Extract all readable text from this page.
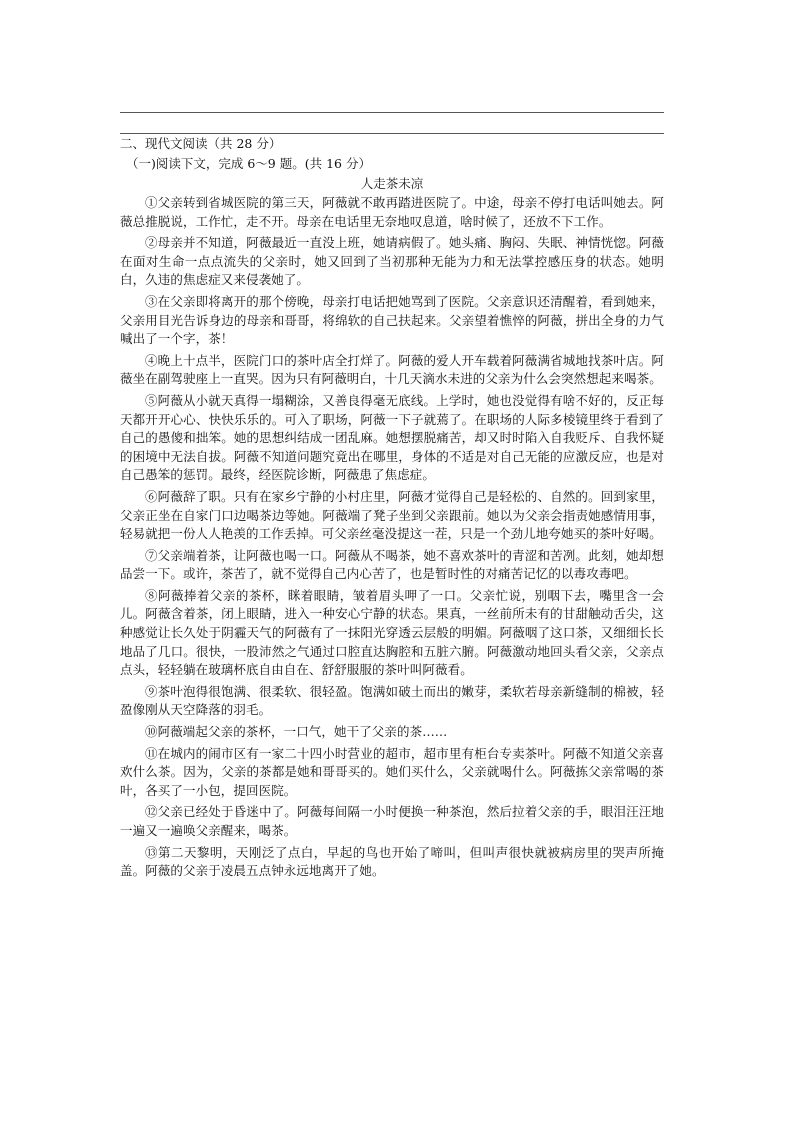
二、现代文阅读（共 28 分）
（一)阅读下文，完成 6～9 题。(共 16 分）
人走茶未凉

①父亲转到省城医院的第三天，阿薇就不敢再踏进医院了。中途，母亲不停打电话叫她去。阿薇总推脱说，工作忙，走不开。母亲在电话里无奈地叹息道，啥时候了，还放不下工作。

②母亲并不知道，阿薇最近一直没上班，她请病假了。她头痛、胸闷、失眠、神情恍惚。阿薇在面对生命一点点流失的父亲时，她又回到了当初那种无能为力和无法掌控感压身的状态。她明白，久违的焦虑症又来侵袭她了。

③在父亲即将离开的那个傍晚，母亲打电话把她骂到了医院。父亲意识还清醒着，看到她来，父亲用目光告诉身边的母亲和哥哥，将绵软的自己扶起来。父亲望着憔悴的阿薇，拼出全身的力气喊出了一个字，茶！

④晚上十点半，医院门口的茶叶店全打烊了。阿薇的爱人开车载着阿薇满省城地找茶叶店。阿薇坐在副驾驶座上一直哭。因为只有阿薇明白，十几天滴水未进的父亲为什么会突然想起来喝茶。

⑤阿薇从小就天真得一塌糊涂，又善良得毫无底线。上学时，她也没觉得有啥不好的，反正每天都开开心心、快快乐乐的。可入了职场，阿薇一下子就蔫了。在职场的人际多棱镜里终于看到了自己的愚傻和拙笨。她的思想纠结成一团乱麻。她想摆脱痛苦，却又时时陷入自我贬斥、自我怀疑的困境中无法自拔。阿薇不知道问题究竟出在哪里，身体的不适是对自己无能的应激反应，也是对自己愚笨的惩罚。最终，经医院诊断，阿薇患了焦虑症。

⑥阿薇辞了职。只有在家乡宁静的小村庄里，阿薇才觉得自己是轻松的、自然的。回到家里，父亲正坐在自家门口边喝茶边等她。阿薇端了凳子坐到父亲跟前。她以为父亲会指责她感情用事，轻易就把一份人人艳羡的工作丢掉。可父亲丝毫没提这一茬，只是一个劲儿地夸她买的茶叶好喝。

⑦父亲端着茶，让阿薇也喝一口。阿薇从不喝茶，她不喜欢茶叶的青涩和苦冽。此刻，她却想品尝一下。或许，茶苦了，就不觉得自己内心苦了，也是暂时性的对痛苦记忆的以毒攻毒吧。

⑧阿薇捧着父亲的茶杯，眯着眼睛，皱着眉头呷了一口。父亲忙说，别咽下去，嘴里含一会儿。阿薇含着茶，闭上眼睛，进入一种安心宁静的状态。果真，一丝前所未有的甘甜触动舌尖，这种感觉让长久处于阴霾天气的阿薇有了一抹阳光穿透云层般的明媚。阿薇咽了这口茶，又细细长长地品了几口。很快，一股沛然之气通过口腔直达胸腔和五脏六腑。阿薇激动地回头看父亲，父亲点点头，轻轻躺在玻璃杯底自由自在、舒舒服服的茶叶叫阿薇看。

⑨茶叶泡得很饱满、很柔软、很轻盈。饱满如破土而出的嫩芽，柔软若母亲新缝制的棉被，轻盈像刚从天空降落的羽毛。

⑩阿薇端起父亲的茶杯，一口气，她干了父亲的茶……

⑪在城内的闹市区有一家二十四小时营业的超市，超市里有柜台专卖茶叶。阿薇不知道父亲喜欢什么茶。因为，父亲的茶都是她和哥哥买的。她们买什么，父亲就喝什么。阿薇拣父亲常喝的茶叶，各买了一小包，提回医院。

⑫父亲已经处于昏迷中了。阿薇每间隔一小时便换一种茶泡，然后拉着父亲的手，眼泪汪汪地一遍又一遍唤父亲醒来，喝茶。

⑬第二天黎明，天刚泛了点白，早起的鸟也开始了啼叫，但叫声很快就被病房里的哭声所掩盖。阿薇的父亲于凌晨五点钟永远地离开了她。
